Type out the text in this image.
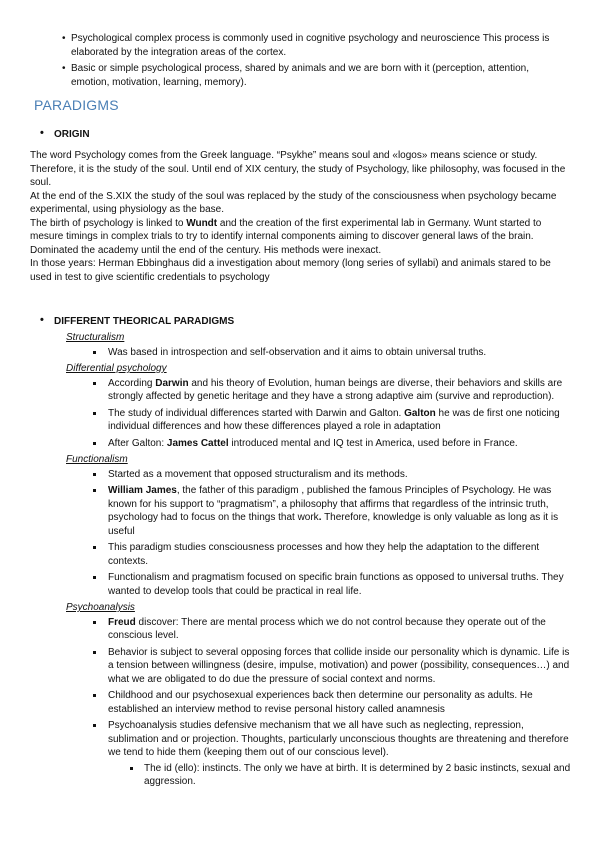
• Psychological complex process is commonly used in cognitive psychology and neuroscience This process is elaborated by the integration areas of the cortex.
• Basic or simple psychological process, shared by animals and we are born with it (perception, attention, emotion, motivation, learning, memory).
PARADIGMS
• ORIGIN

The word Psychology comes from the Greek language. “Psykhe” means soul and «logos» means science or study. Therefore, it is the study of the soul. Until end of XIX century, the study of Psychology, like philosophy, was focused in the soul.

At the end of the S.XIX the study of the soul was replaced by the study of the consciousness when psychology became experimental, using physiology as the base.

The birth of psychology is linked to Wundt and the creation of the first experimental lab in Germany. Wunt started to mesure timings in complex trials to try to identify internal components aiming to discover general laws of the brain. Dominated the academy until the end of the century. His methods were inexact.

In those years: Herman Ebbinghaus did a investigation about memory (long series of syllabi) and animals stared to be used in test to give scientific credentials to psychology

• DIFFERENT THEORICAL PARADIGMS
Structuralism
Was based in introspection and self-observation and it aims to obtain universal truths.
Differential psychology
According Darwin and his theory of Evolution, human beings are diverse, their behaviors and skills are strongly affected by genetic heritage and they have a strong adaptive aim (survive and reproduction).
The study of individual differences started with Darwin and Galton. Galton he was de first one noticing individual differences and how these differences played a role in adaptation
After Galton: James Cattel introduced mental and IQ test in America, used before in France.
Functionalism
Started as a movement that opposed structuralism and its methods.
William James, the father of this paradigm , published the famous Principles of Psychology. He was known for his support to “pragmatism”, a philosophy that affirms that regardless of the intrinsic truth, psychology had to focus on the things that work. Therefore, knowledge is only valuable as long as it is useful
This paradigm studies consciousness processes and how they help the adaptation to the different contexts.
Functionalism and pragmatism focused on specific brain functions as opposed to universal truths. They wanted to develop tools that could be practical in real life.
Psychoanalysis
Freud discover: There are mental process which we do not control because they operate out of the conscious level.
Behavior is subject to several opposing forces that collide inside our personality which is dynamic. Life is a tension between willingness (desire, impulse, motivation) and power (possibility, consequences…) and what we are obligated to do due the pressure of social context and norms.
Childhood and our psychosexual experiences back then determine our personality as adults. He established an interview method to revise personal history called anamnesis
Psychoanalysis studies defensive mechanism that we all have such as neglecting, repression, sublimation and or projection. Thoughts, particularly unconscious thoughts are threatening and therefore we tend to hide them (keeping them out of our conscious level).
The id (ello): instincts. The only we have at birth. It is determined by 2 basic instincts, sexual and aggression.
